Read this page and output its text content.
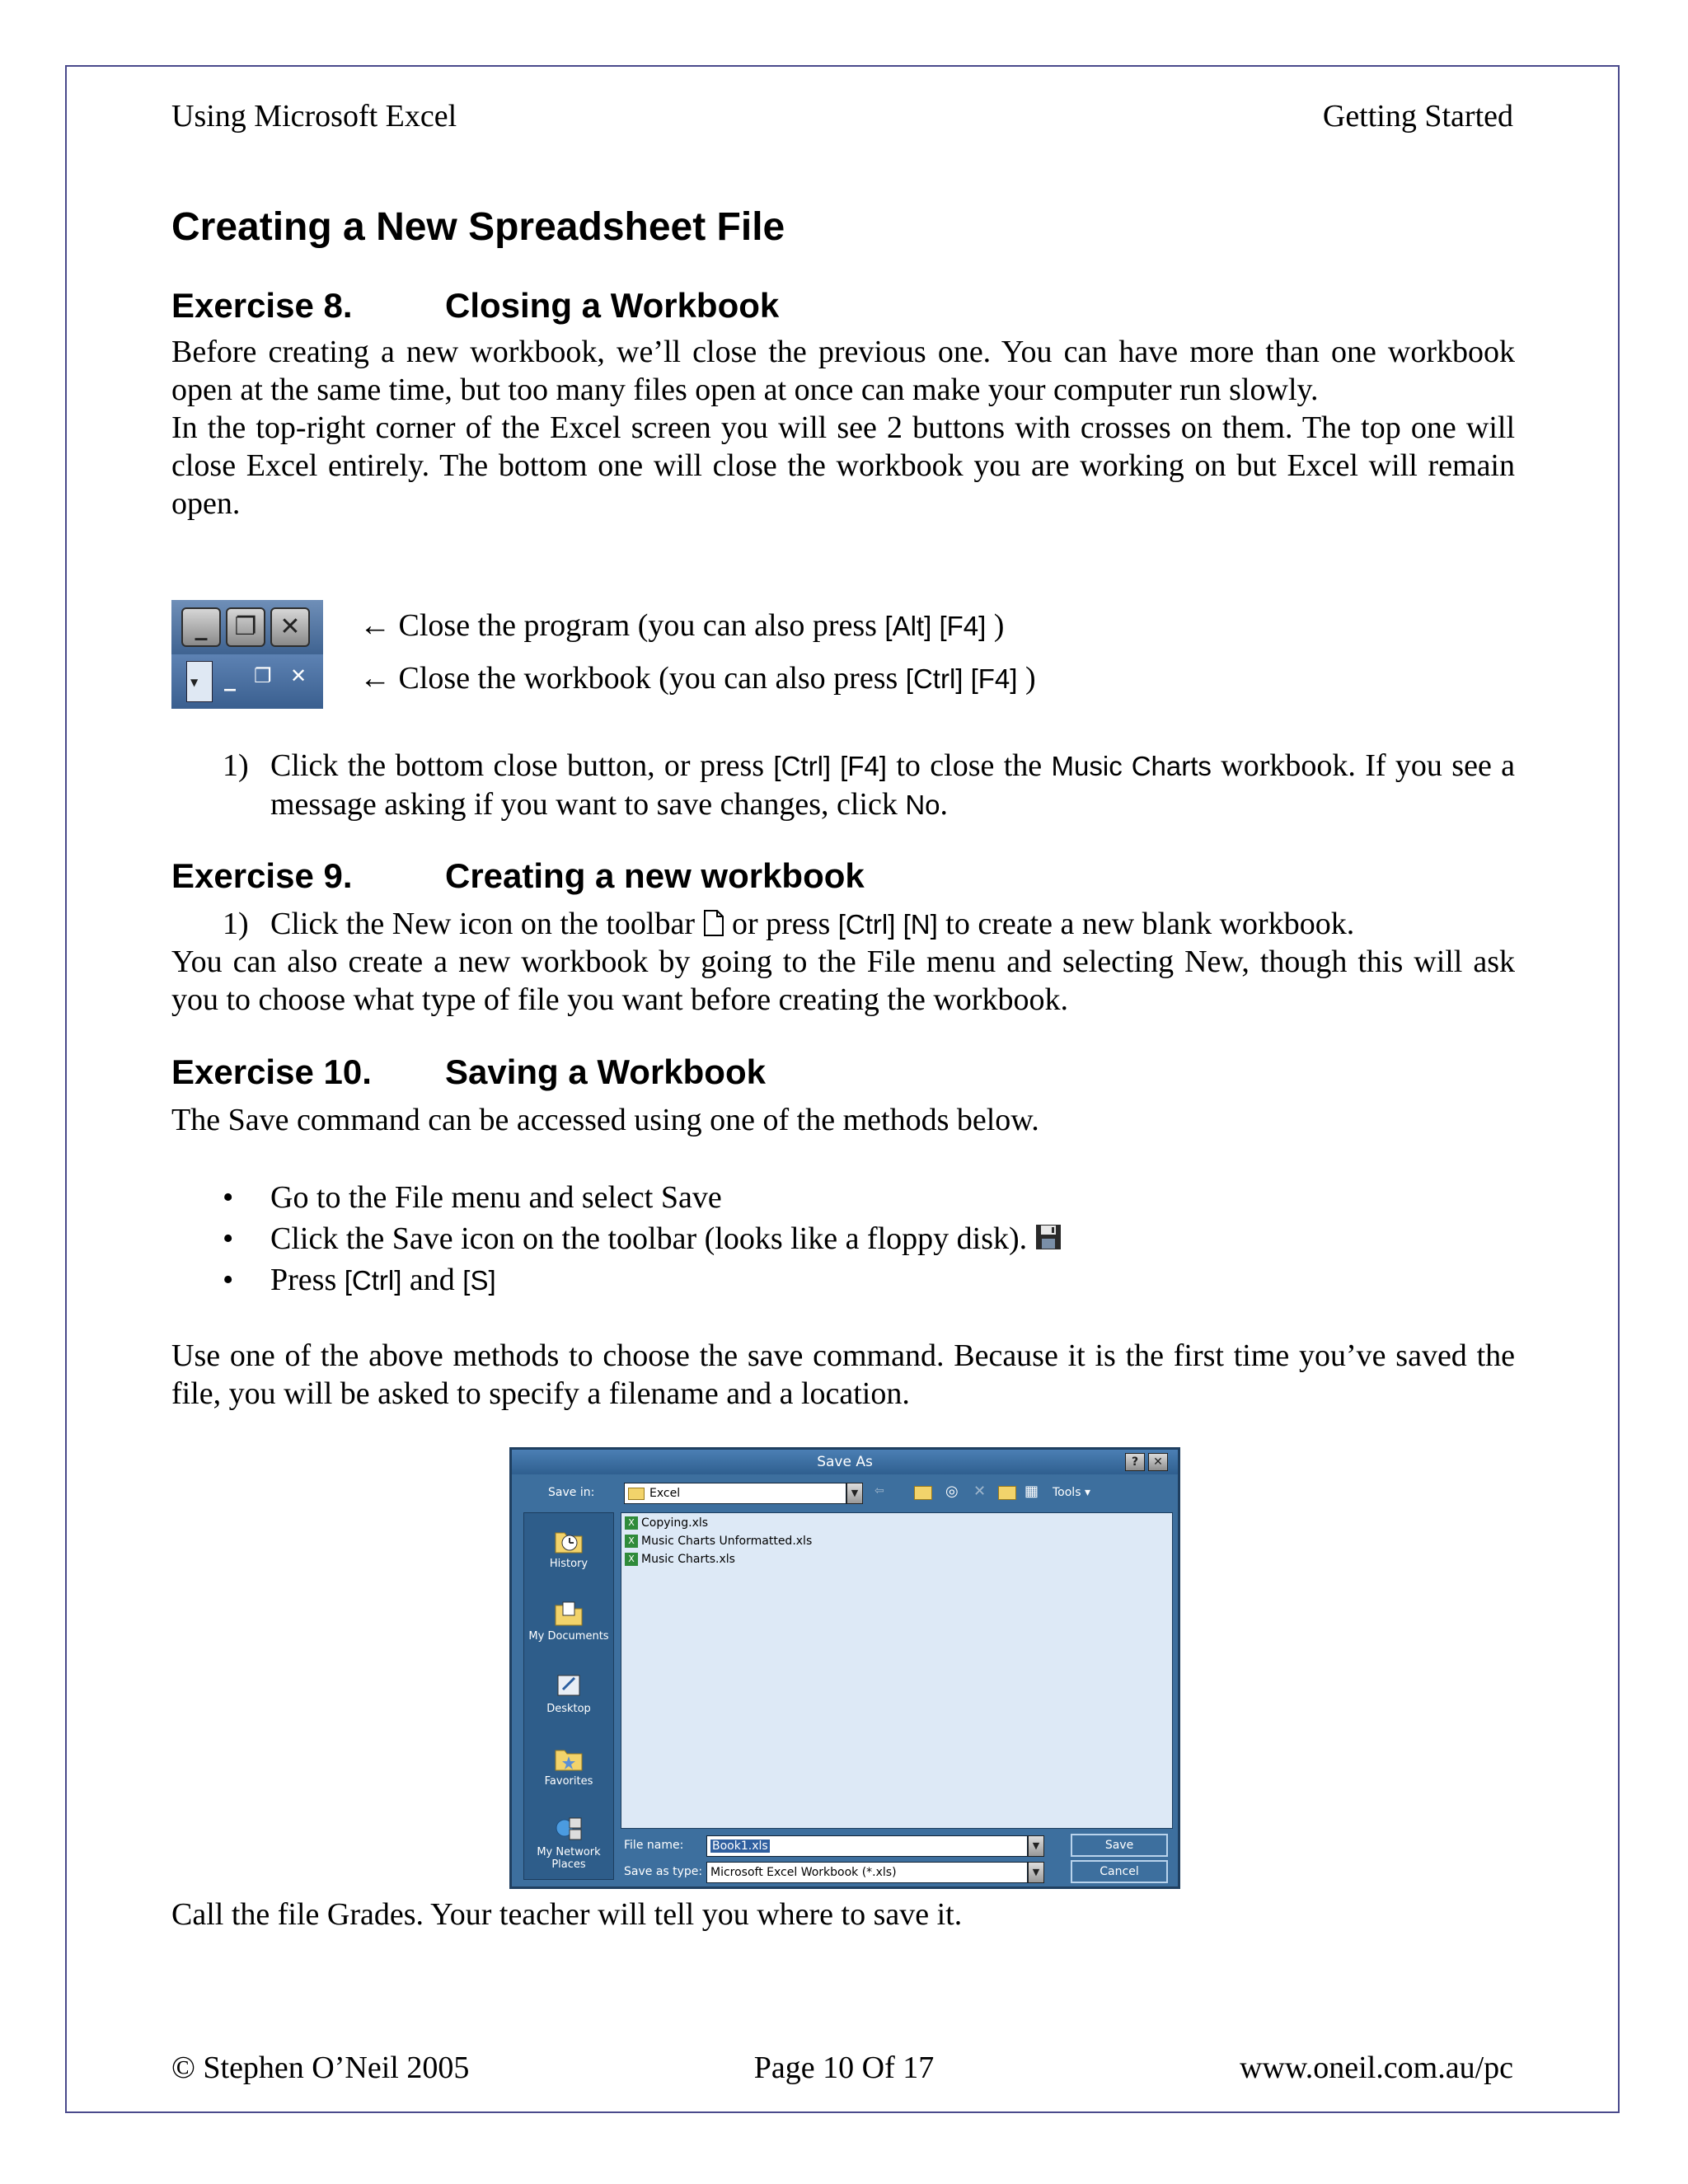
Using Microsoft Excel	Getting Started
Creating a New Spreadsheet File
Exercise 8.	Closing a Workbook

Before creating a new workbook, we’ll close the previous one. You can have more than one workbook open at the same time, but too many files open at once can make your computer run slowly.

In the top-right corner of the Excel screen you will see 2 buttons with crosses on them. The top one will close Excel entirely. The bottom one will close the workbook you are working on but Excel will remain open.

_	❐ ✕
▼ _ ❐ ✕
← Close the program (you can also press [Alt] [F4] )
← Close the workbook (you can also press [Ctrl] [F4] )
1) Click the bottom close button, or press [Ctrl] [F4] to close the Music Charts workbook. If you see a message asking if you want to save changes, click No.
Exercise 9.	Creating a new workbook
1) Click the New icon on the toolbar or press [Ctrl] [N] to create a new blank workbook.

You can also create a new workbook by going to the File menu and selecting New, though this will ask you to choose what type of file you want before creating the workbook.

Exercise 10. Saving a Workbook

The Save command can be accessed using one of the methods below.

• Go to the File menu and select Save
• Click the Save icon on the toolbar (looks like a floppy disk).
• Press [Ctrl] and [S]

Use one of the above methods to choose the save command. Because it is the first time you’ve saved the file, you will be asked to specify a filename and a location.

Save As	?	✕
Save in:	Excel	▼	⇦	◎ ✕	▦ Tools ▾
History
My Documents
Desktop
Favorites
My Network Places
X Copying.xls
X Music Charts Unformatted.xls
X Music Charts.xls
File name:	Book1.xls	▼
Save as type: Microsoft Excel Workbook (*.xls)	▼
Save
Cancel

Call the file Grades. Your teacher will tell you where to save it.

© Stephen O’Neil 2005	Page 10 Of 17	www.oneil.com.au/pc
